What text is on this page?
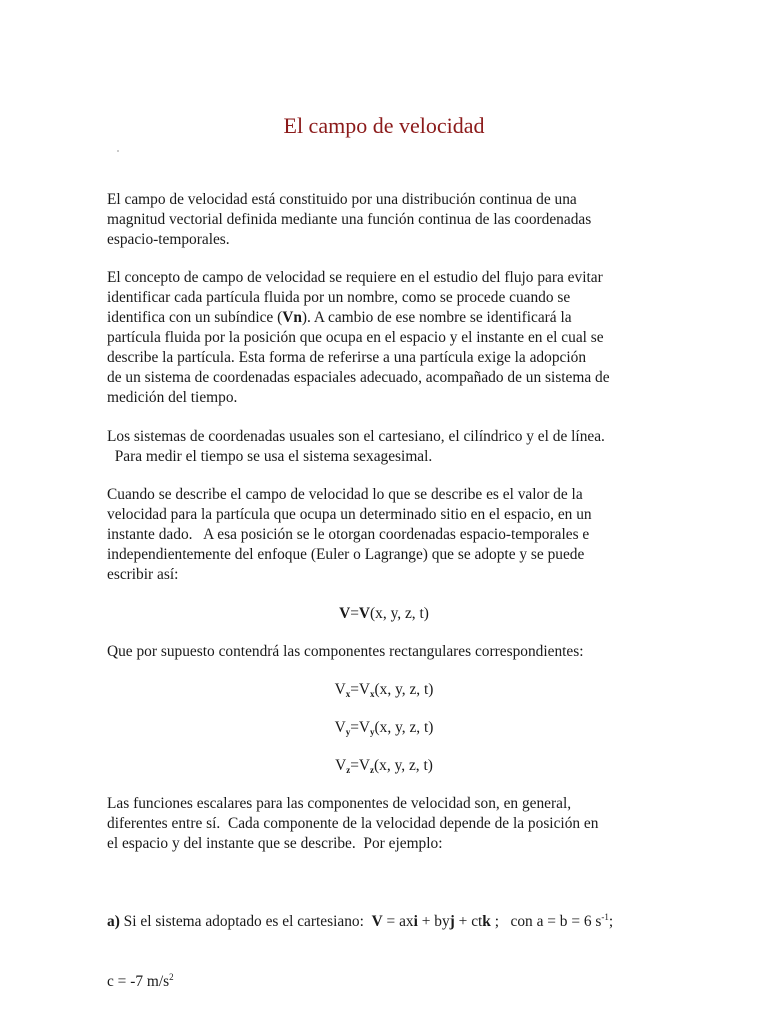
El campo de velocidad

El campo de velocidad está constituido por una distribución continua de una
magnitud vectorial definida mediante una función continua de las coordenadas
espacio-temporales.

El concepto de campo de velocidad se requiere en el estudio del flujo para evitar
identificar cada partícula fluida por un nombre, como se procede cuando se
identifica con un subíndice (Vn). A cambio de ese nombre se identificará la
partícula fluida por la posición que ocupa en el espacio y el instante en el cual se
describe la partícula. Esta forma de referirse a una partícula exige la adopción
de un sistema de coordenadas espaciales adecuado, acompañado de un sistema de
medición del tiempo.

Los sistemas de coordenadas usuales son el cartesiano, el cilíndrico y el de línea.
Para medir el tiempo se usa el sistema sexagesimal.

Cuando se describe el campo de velocidad lo que se describe es el valor de la
velocidad para la partícula que ocupa un determinado sitio en el espacio, en un
instante dado.   A esa posición se le otorgan coordenadas espacio-temporales e
independientemente del enfoque (Euler o Lagrange) que se adopte y se puede
escribir así:

V=V(x, y, z, t)

Que por supuesto contendrá las componentes rectangulares correspondientes:

$V_x=V_x(x$, y, z, t)

$V_y=V_y(x$, y, z, t)

$V_z=V_z(x$, y, z, t)

Las funciones escalares para las componentes de velocidad son, en general,
diferentes entre sí.  Cada componente de la velocidad depende de la posición en
el espacio y del instante que se describe.  Por ejemplo:

a) Si el sistema adoptado es el cartesiano:  V = axi + byj + ctk ;   con a = b = 6 $s^{-1}$;

c = -7 $m/s^2$
